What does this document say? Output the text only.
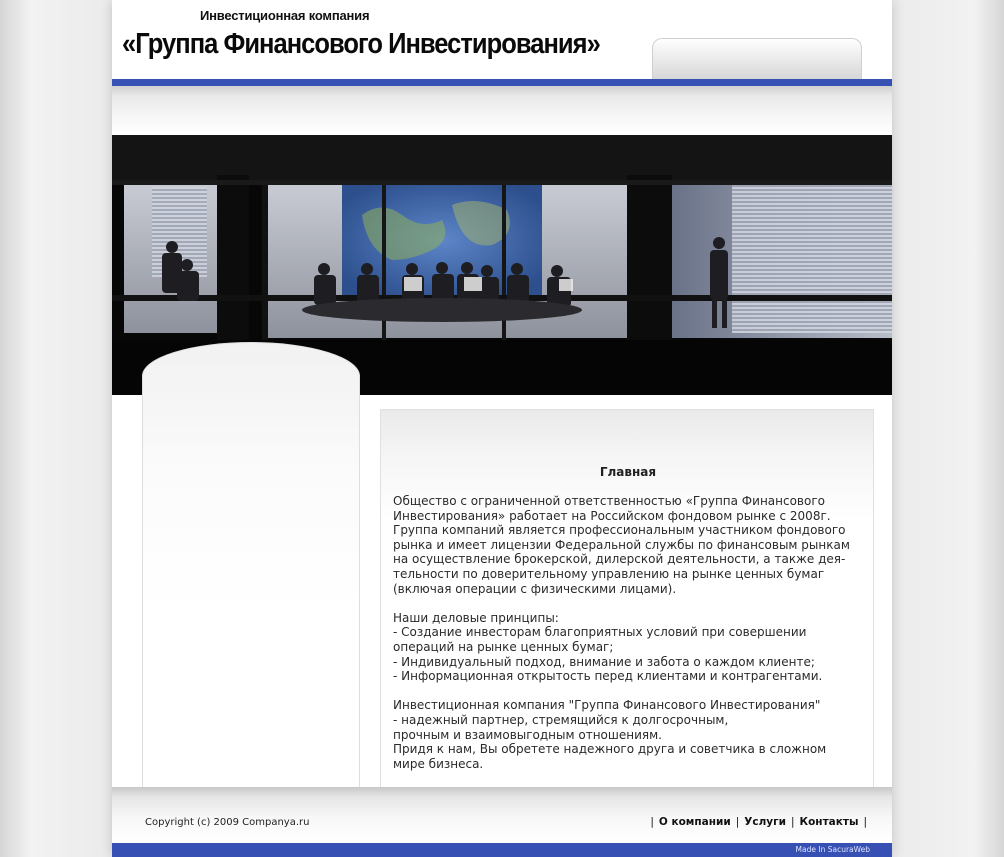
Инвестиционная компания
«Группа Финансового Инвестирования»
Главная

Общество с ограниченной ответственностью «Группа Финансового

Инвестирования» работает на Российском фондовом рынке с 2008г.

Группа компаний является профессиональным участником фондового

рынка и имеет лицензии Федеральной службы по финансовым рынкам

на осуществление брокерской, дилерской деятельности, а также дея-

тельности по доверительному управлению на рынке ценных бумаг

(включая операции с физическими лицами).

Наши деловые принципы:

- Создание инвесторам благоприятных условий при совершении

операций на рынке ценных бумаг;

- Индивидуальный подход, внимание и забота о каждом клиенте;

- Информационная открытость перед клиентами и контрагентами.

Инвестиционная компания "Группа Финансового Инвестирования"

- надежный партнер, стремящийся к долгосрочным,

прочным и взаимовыгодным отношениям.

Придя к нам, Вы обретете надежного друга и советчика в сложном

мире бизнеса.

Copyright (c) 2009 Companya.ru	| О компании | Услуги | Контакты |
Made In SacuraWeb
